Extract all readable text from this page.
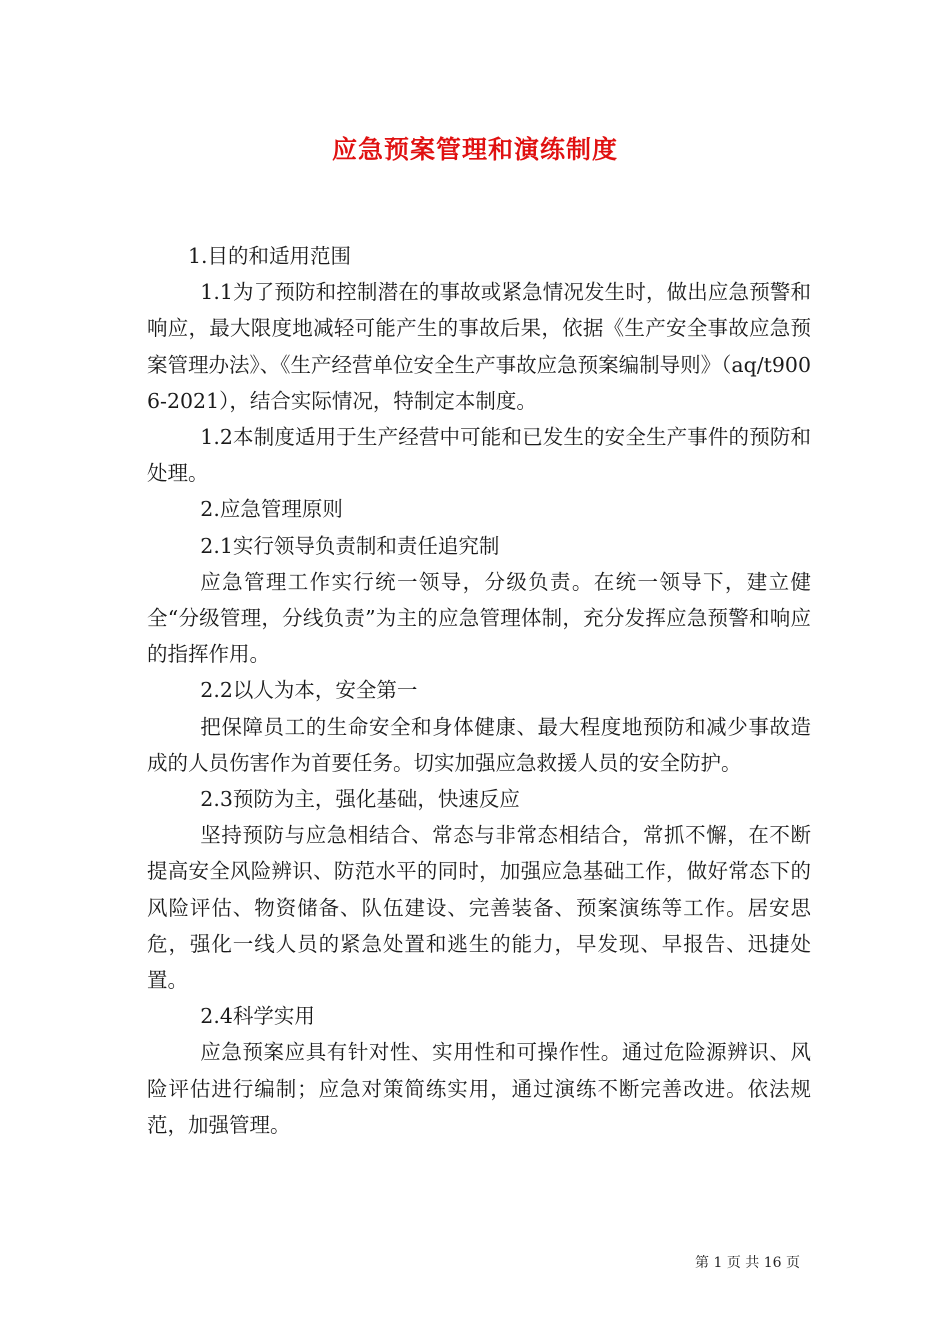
应急预案管理和演练制度

1.目的和适用范围

1.1为了预防和控制潜在的事故或紧急情况发生时，做出应急预警和响应，最大限度地减轻可能产生的事故后果，依据《生产安全事故应急预案管理办法》、《生产经营单位安全生产事故应急预案编制导则》（aq/t9006-2021），结合实际情况，特制定本制度。

1.2本制度适用于生产经营中可能和已发生的安全生产事件的预防和处理。

2.应急管理原则

2.1实行领导负责制和责任追究制

应急管理工作实行统一领导，分级负责。在统一领导下，建立健全“分级管理，分线负责”为主的应急管理体制，充分发挥应急预警和响应的指挥作用。

2.2以人为本，安全第一

把保障员工的生命安全和身体健康、最大程度地预防和减少事故造成的人员伤害作为首要任务。切实加强应急救援人员的安全防护。

2.3预防为主，强化基础，快速反应

坚持预防与应急相结合、常态与非常态相结合，常抓不懈，在不断提高安全风险辨识、防范水平的同时，加强应急基础工作，做好常态下的风险评估、物资储备、队伍建设、完善装备、预案演练等工作。居安思危，强化一线人员的紧急处置和逃生的能力，早发现、早报告、迅捷处置。

2.4科学实用

应急预案应具有针对性、实用性和可操作性。通过危险源辨识、风险评估进行编制；应急对策简练实用，通过演练不断完善改进。依法规范，加强管理。

第 1 页 共 16 页
